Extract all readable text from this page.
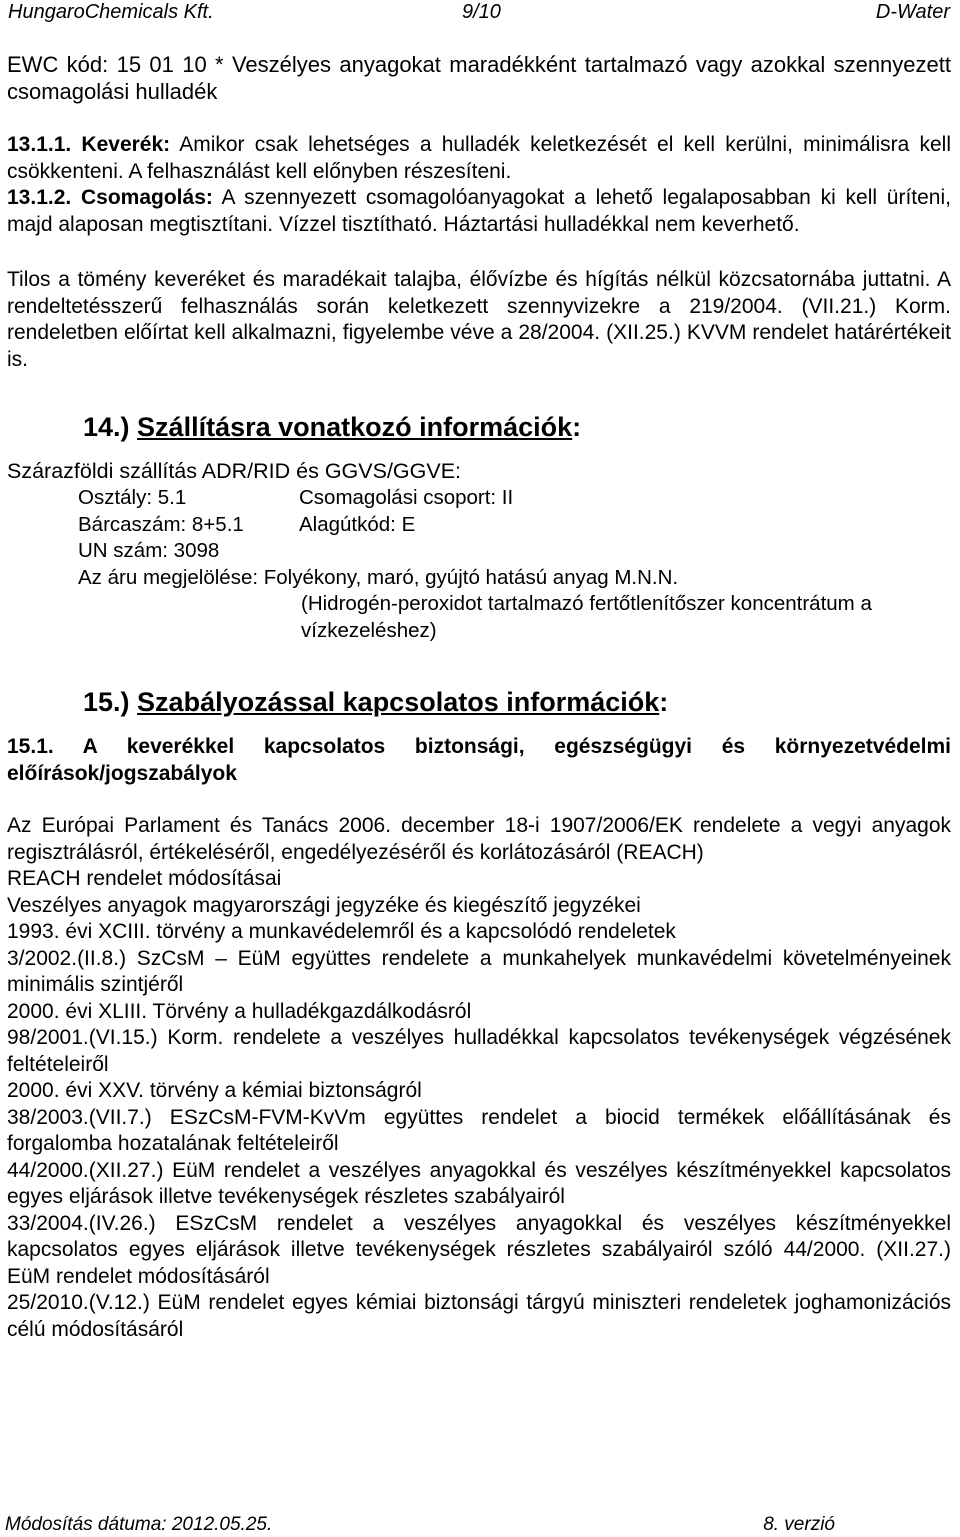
HungaroChemicals Kft.	9/10	D-Water

EWC kód: 15 01 10 * Veszélyes anyagokat maradékként tartalmazó vagy azokkal szennyezett csomagolási hulladék

13.1.1. Keverék: Amikor csak lehetséges a hulladék keletkezését el kell kerülni, minimálisra kell csökkenteni. A felhasználást kell előnyben részesíteni.

13.1.2. Csomagolás: A szennyezett csomagolóanyagokat a lehető legalaposabban ki kell üríteni, majd alaposan megtisztítani. Vízzel tisztítható. Háztartási hulladékkal nem keverhető.

Tilos a tömény keveréket és maradékait talajba, élővízbe és hígítás nélkül közcsatornába juttatni. A rendeltetésszerű felhasználás során keletkezett szennyvizekre a 219/2004. (VII.21.) Korm. rendeletben előírtat kell alkalmazni, figyelembe véve a 28/2004. (XII.25.) KVVM rendelet határértékeit is.

14.) Szállításra vonatkozó információk:
Szárazföldi szállítás ADR/RID és GGVS/GGVE:
Osztály: 5.1	Csomagolási csoport: II
Bárcaszám: 8+5.1	Alagútkód: E
UN szám: 3098
Az áru megjelölése: Folyékony, maró, gyújtó hatású anyag M.N.N.
(Hidrogén-peroxidot tartalmazó fertőtlenítőszer koncentrátum a vízkezeléshez)
15.) Szabályozással kapcsolatos információk:

15.1. A keverékkel kapcsolatos biztonsági, egészségügyi és környezetvédelmi előírások/jogszabályok

Az Európai Parlament és Tanács 2006. december 18-i 1907/2006/EK rendelete a vegyi anyagok regisztrálásról, értékeléséről, engedélyezéséről és korlátozásáról (REACH)

REACH rendelet módosításai

Veszélyes anyagok magyarországi jegyzéke és kiegészítő jegyzékei

1993. évi XCIII. törvény a munkavédelemről és a kapcsolódó rendeletek

3/2002.(II.8.) SzCsM – EüM együttes rendelete a munkahelyek munkavédelmi követelményeinek minimális szintjéről

2000. évi XLIII. Törvény a hulladékgazdálkodásról

98/2001.(VI.15.) Korm. rendelete a veszélyes hulladékkal kapcsolatos tevékenységek végzésének feltételeiről

2000. évi XXV. törvény a kémiai biztonságról

38/2003.(VII.7.) ESzCsM-FVM-KvVm együttes rendelet a biocid termékek előállításának és forgalomba hozatalának feltételeiről

44/2000.(XII.27.) EüM rendelet a veszélyes anyagokkal és veszélyes készítményekkel kapcsolatos egyes eljárások illetve tevékenységek részletes szabályairól

33/2004.(IV.26.) ESzCsM rendelet a veszélyes anyagokkal és veszélyes készítményekkel kapcsolatos egyes eljárások illetve tevékenységek részletes szabályairól szóló 44/2000. (XII.27.) EüM rendelet módosításáról

25/2010.(V.12.) EüM rendelet egyes kémiai biztonsági tárgyú miniszteri rendeletek joghamonizációs célú módosításáról

Módosítás dátuma: 2012.05.25.	8. verzió
